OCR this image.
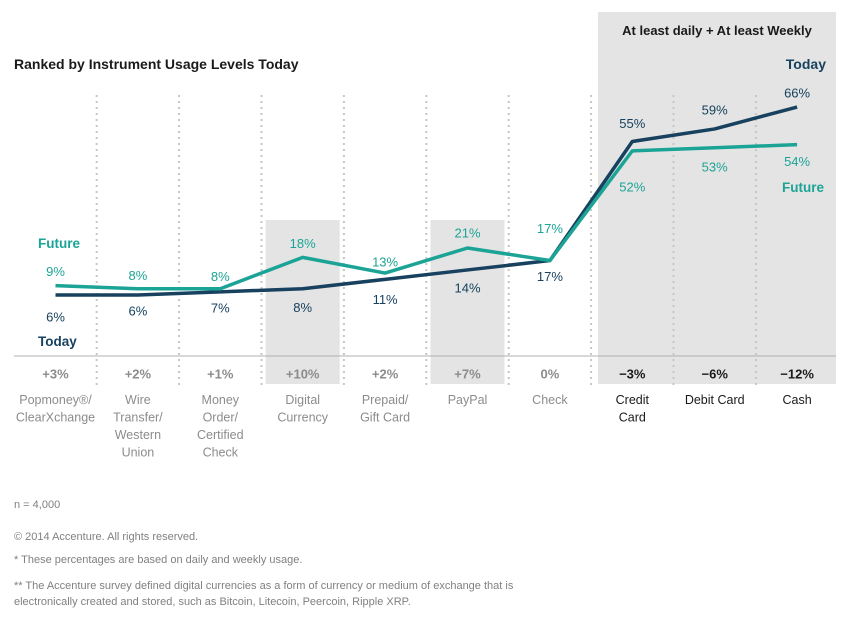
6%	6%	7%	8%
11%
14%
17%
55%
59%
66%
9%	8%	8%
18%
13%
21%	17%
52%
53%	54%
+3%	+2%	+1%	+10%	+2%	+7%	0%	−3%	−6%	−12%
Popmoney®/
ClearXchange
Wire
Transfer/
Western
Union
Money
Order/
Certified
Check
Digital
Currency
Prepaid/
Gift Card
PayPal	Check	Credit
Card
Debit Card	Cash
Ranked by Instrument Usage Levels Today
At least daily + At least Weekly
Future
Today
Today
Future
n = 4,000
© 2014 Accenture. All rights reserved.
* These percentages are based on daily and weekly usage.
** The Accenture survey defined digital currencies as a form of currency or medium of exchange that is electronically created and stored, such as Bitcoin, Litecoin, Peercoin, Ripple XRP.
